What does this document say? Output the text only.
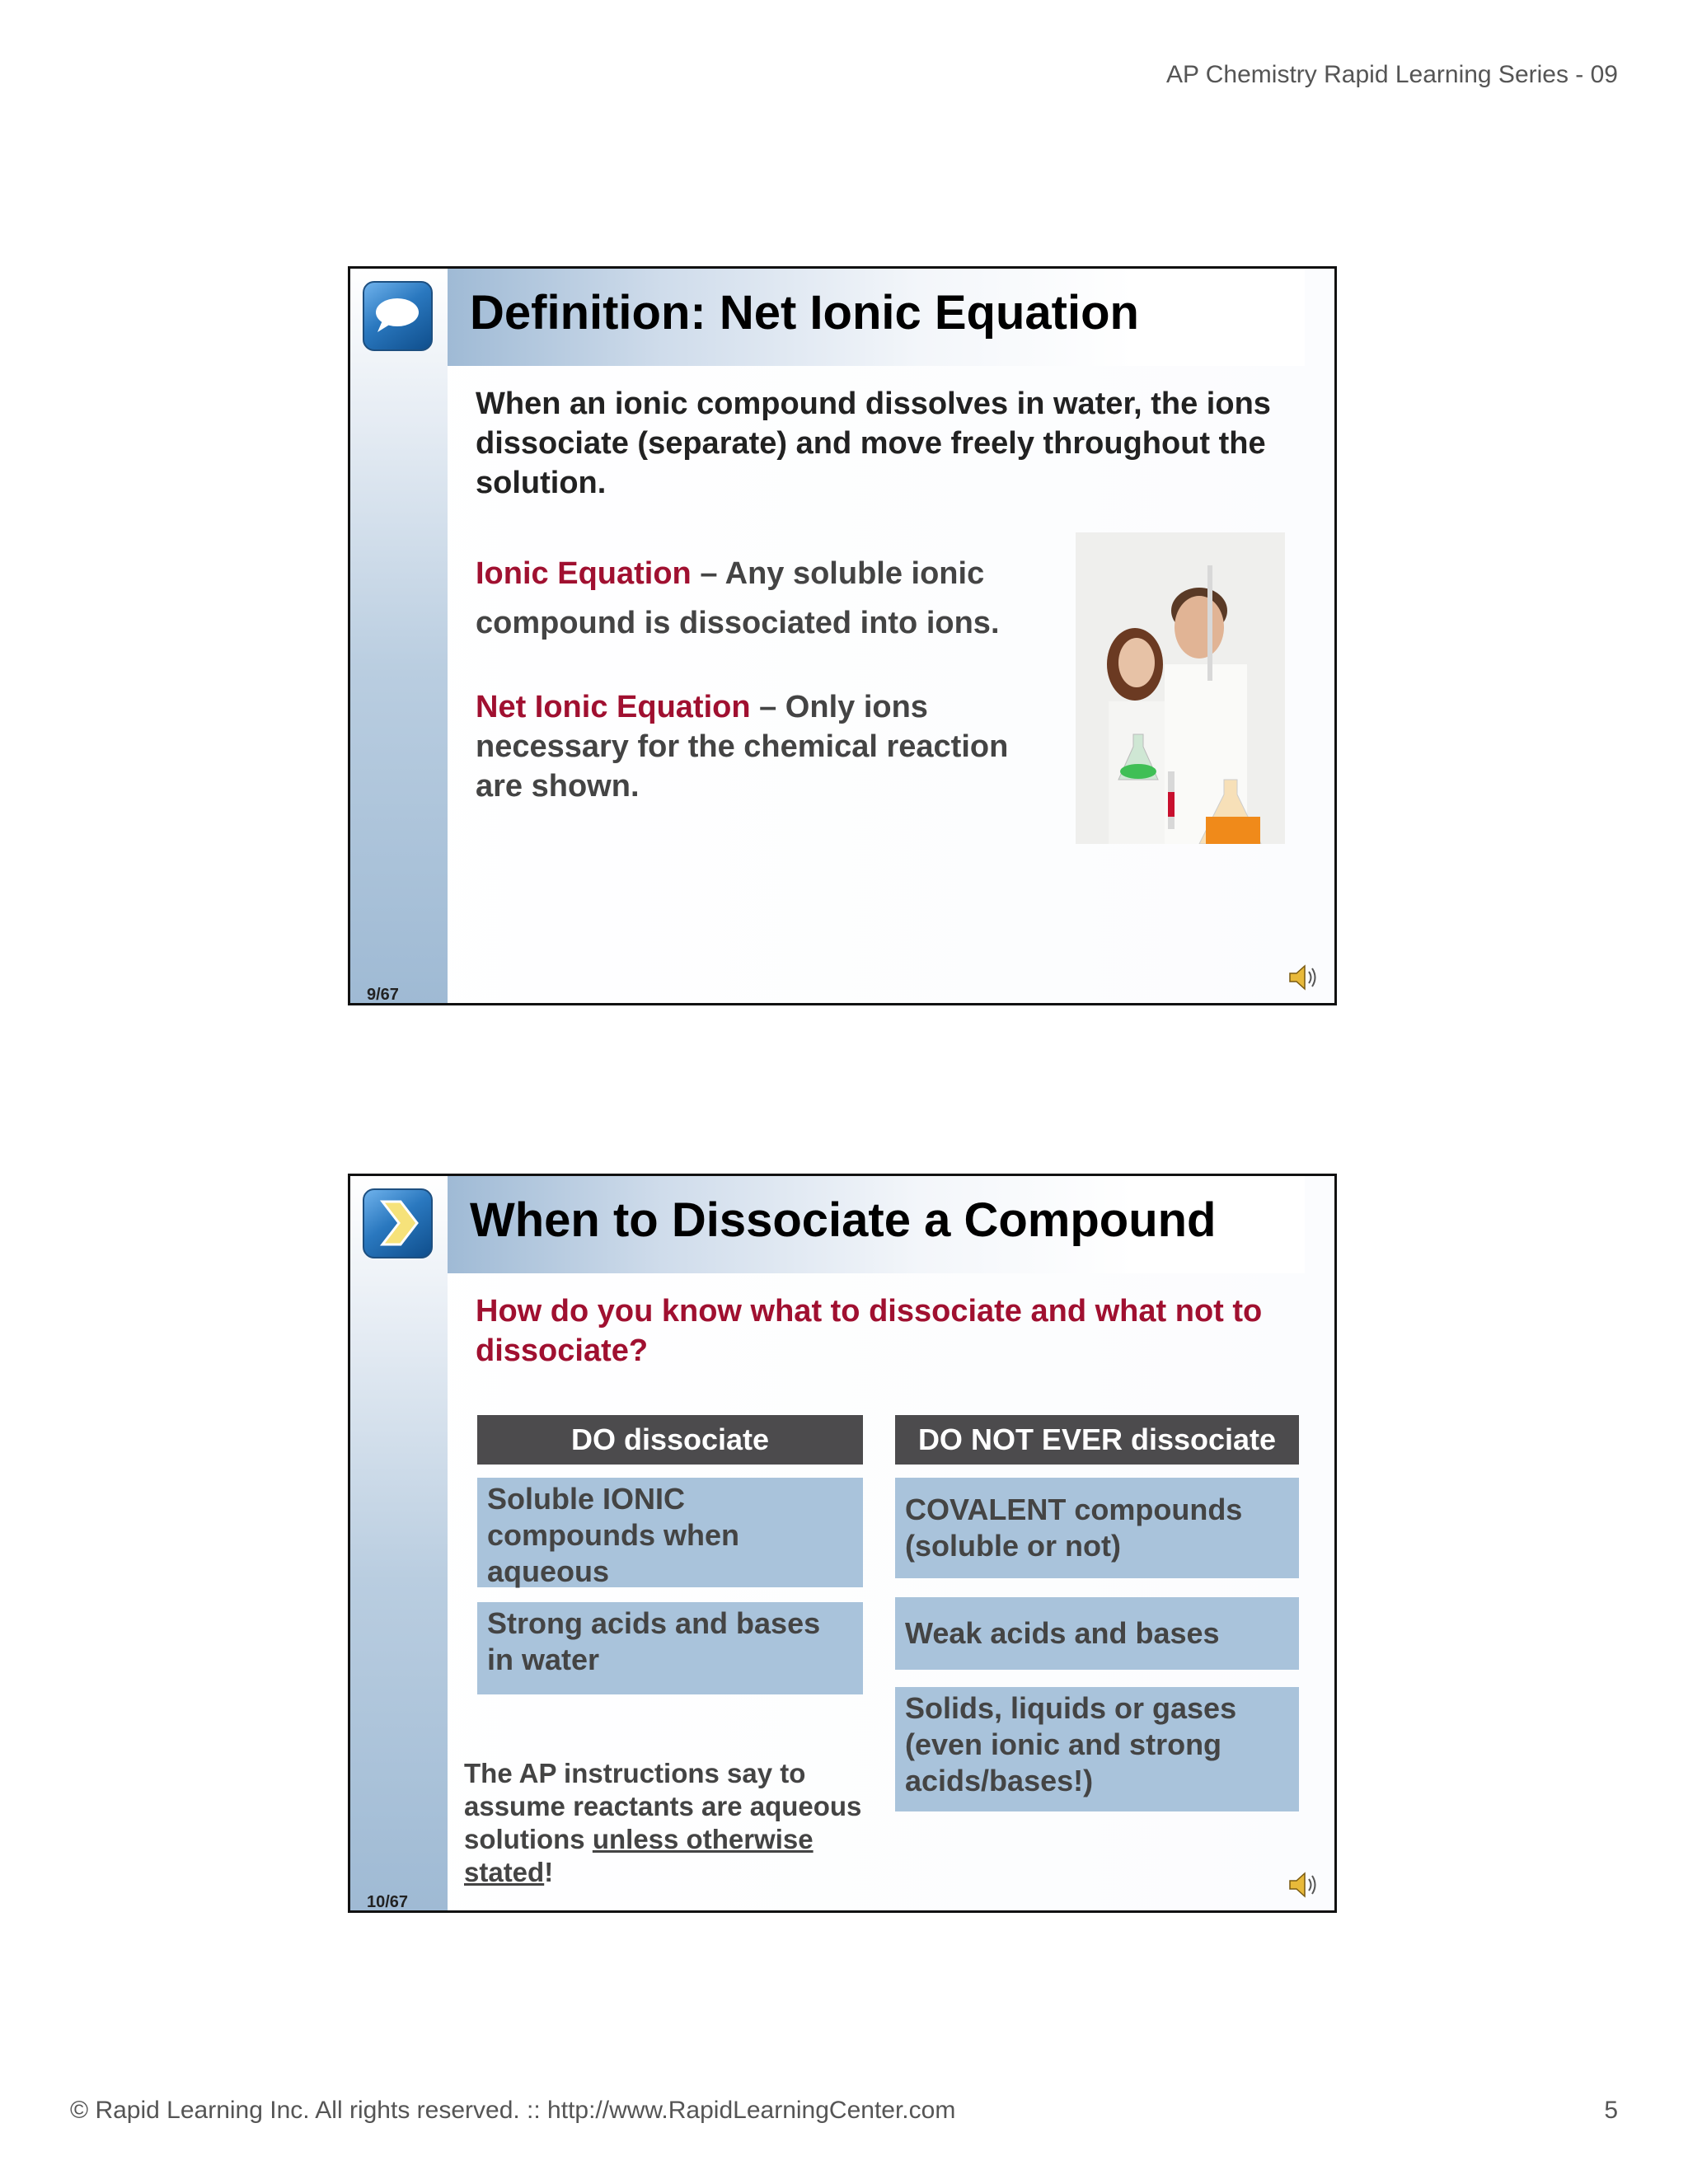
AP Chemistry Rapid Learning Series - 09
Definition: Net Ionic Equation
When an ionic compound dissolves in water, the ions dissociate (separate) and move freely throughout the solution.
Ionic Equation – Any soluble ionic compound is dissociated into ions.
Net Ionic Equation – Only ions necessary for the chemical reaction are shown.
9/67
When to Dissociate a Compound
How do you know what to dissociate and what not to dissociate?
DO dissociate	DO NOT EVER dissociate
Soluble IONIC compounds when aqueous
Strong acids and bases in water
COVALENT compounds (soluble or not)
Weak acids and bases
Solids, liquids or gases (even ionic and strong acids/bases!)
The AP instructions say to assume reactants are aqueous solutions unless otherwise stated!
10/67
© Rapid Learning Inc. All rights reserved. :: http://www.RapidLearningCenter.com	5
